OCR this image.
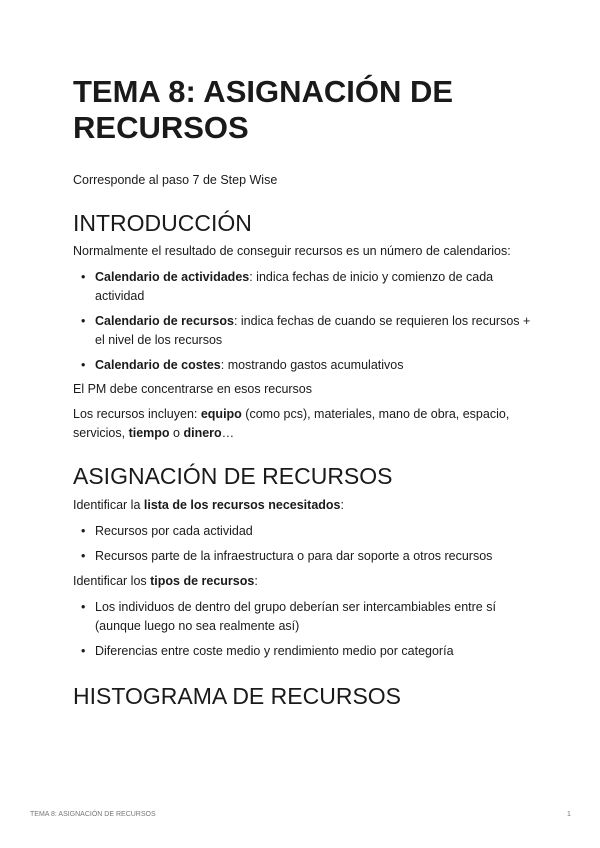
TEMA 8: ASIGNACIÓN DE RECURSOS

Corresponde al paso 7 de Step Wise

INTRODUCCIÓN

Normalmente el resultado de conseguir recursos es un número de calendarios:

• Calendario de actividades: indica fechas de inicio y comienzo de cada actividad
• Calendario de recursos: indica fechas de cuando se requieren los recursos + el nivel de los recursos
• Calendario de costes: mostrando gastos acumulativos

El PM debe concentrarse en esos recursos

Los recursos incluyen: equipo (como pcs), materiales, mano de obra, espacio, servicios, tiempo o dinero…

ASIGNACIÓN DE RECURSOS

Identificar la lista de los recursos necesitados:

• Recursos por cada actividad
• Recursos parte de la infraestructura o para dar soporte a otros recursos

Identificar los tipos de recursos:

• Los individuos de dentro del grupo deberían ser intercambiables entre sí (aunque luego no sea realmente así)
• Diferencias entre coste medio y rendimiento medio por categoría
HISTOGRAMA DE RECURSOS
TEMA 8: ASIGNACIÓN DE RECURSOS	1
